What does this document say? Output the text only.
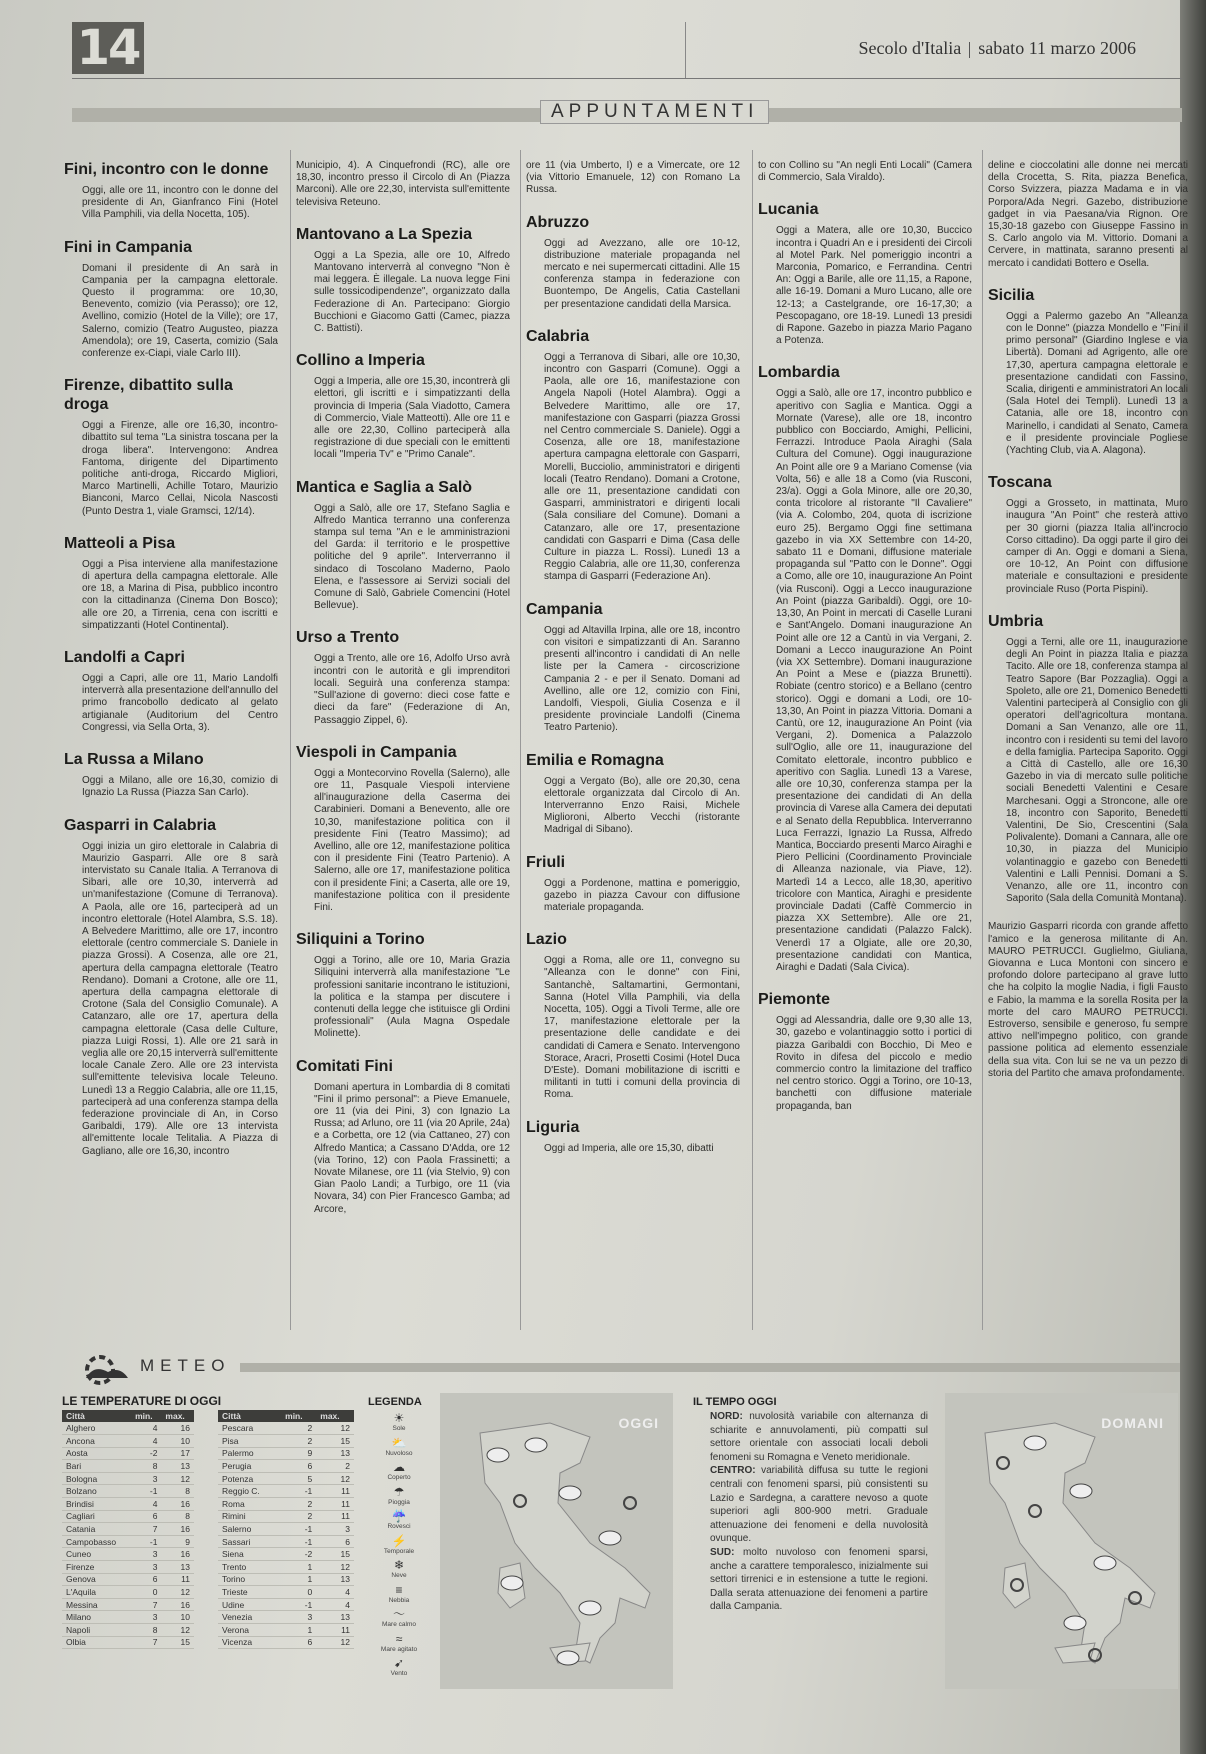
14	Secolo d'Italia sabato 11 marzo 2006
APPUNTAMENTI
Fini, incontro con le donne

Oggi, alle ore 11, incontro con le donne del presidente di An, Gianfranco Fini (Hotel Villa Pamphili, via della Nocetta, 105).

Fini in Campania

Domani il presidente di An sarà in Campania per la campagna elettorale. Questo il programma: ore 10,30, Benevento, comizio (via Perasso); ore 12, Avellino, comizio (Hotel de la Ville); ore 17, Salerno, comizio (Teatro Augusteo, piazza Amendola); ore 19, Caserta, comizio (Sala conferenze ex-Ciapi, viale Carlo III).

Firenze, dibattito sulla droga

Oggi a Firenze, alle ore 16,30, incontro-dibattito sul tema "La sinistra toscana per la droga libera". Intervengono: Andrea Fantoma, dirigente del Dipartimento politiche anti-droga, Riccardo Migliori, Marco Martinelli, Achille Totaro, Maurizio Bianconi, Marco Cellai, Nicola Nascosti (Punto Destra 1, viale Gramsci, 12/14).

Matteoli a Pisa

Oggi a Pisa interviene alla manifestazione di apertura della campagna elettorale. Alle ore 18, a Marina di Pisa, pubblico incontro con la cittadinanza (Cinema Don Bosco); alle ore 20, a Tirrenia, cena con iscritti e simpatizzanti (Hotel Continental).

Landolfi a Capri

Oggi a Capri, alle ore 11, Mario Landolfi interverrà alla presentazione dell'annullo del primo francobollo dedicato al gelato artigianale (Auditorium del Centro Congressi, via Sella Orta, 3).

La Russa a Milano

Oggi a Milano, alle ore 16,30, comizio di Ignazio La Russa (Piazza San Carlo).

Gasparri in Calabria

Oggi inizia un giro elettorale in Calabria di Maurizio Gasparri. Alle ore 8 sarà intervistato su Canale Italia. A Terranova di Sibari, alle ore 10,30, interverrà ad un'manifestazione (Comune di Terranova). A Paola, alle ore 16, parteciperà ad un incontro elettorale (Hotel Alambra, S.S. 18). A Belvedere Marittimo, alle ore 17, incontro elettorale (centro commerciale S. Daniele in piazza Grossi). A Cosenza, alle ore 21, apertura della campagna elettorale (Teatro Rendano). Domani a Crotone, alle ore 11, apertura della campagna elettorale di Crotone (Sala del Consiglio Comunale). A Catanzaro, alle ore 17, apertura della campagna elettorale (Casa delle Culture, piazza Luigi Rossi, 1). Alle ore 21 sarà in veglia alle ore 20,15 interverrà sull'emittente locale Canale Zero. Alle ore 23 intervista sull'emittente televisiva locale Teleuno. Lunedì 13 a Reggio Calabria, alle ore 11,15, parteciperà ad una conferenza stampa della federazione provinciale di An, in Corso Garibaldi, 179). Alle ore 13 intervista all'emittente locale Telitalia. A Piazza di Gagliano, alle ore 16,30, incontro

Municipio, 4). A Cinquefrondi (RC), alle ore 18,30, incontro presso il Circolo di An (Piazza Marconi). Alle ore 22,30, intervista sull'emittente televisiva Reteuno.

Mantovano a La Spezia

Oggi a La Spezia, alle ore 10, Alfredo Mantovano interverrà al convegno "Non è mai leggera. È illegale. La nuova legge Fini sulle tossicodipendenze", organizzato dalla Federazione di An. Partecipano: Giorgio Bucchioni e Giacomo Gatti (Camec, piazza C. Battisti).

Collino a Imperia

Oggi a Imperia, alle ore 15,30, incontrerà gli elettori, gli iscritti e i simpatizzanti della provincia di Imperia (Sala Viadotto, Camera di Commercio, Viale Matteotti). Alle ore 11 e alle ore 22,30, Collino parteciperà alla registrazione di due speciali con le emittenti locali "Imperia Tv" e "Primo Canale".

Mantica e Saglia a Salò

Oggi a Salò, alle ore 17, Stefano Saglia e Alfredo Mantica terranno una conferenza stampa sul tema "An e le amministrazioni del Garda: il territorio e le prospettive politiche del 9 aprile". Interverranno il sindaco di Toscolano Maderno, Paolo Elena, e l'assessore ai Servizi sociali del Comune di Salò, Gabriele Comencini (Hotel Bellevue).

Urso a Trento

Oggi a Trento, alle ore 16, Adolfo Urso avrà incontri con le autorità e gli imprenditori locali. Seguirà una conferenza stampa: "Sull'azione di governo: dieci cose fatte e dieci da fare" (Federazione di An, Passaggio Zippel, 6).

Viespoli in Campania

Oggi a Montecorvino Rovella (Salerno), alle ore 11, Pasquale Viespoli interviene all'inaugurazione della Caserma dei Carabinieri. Domani a Benevento, alle ore 10,30, manifestazione politica con il presidente Fini (Teatro Massimo); ad Avellino, alle ore 12, manifestazione politica con il presidente Fini (Teatro Partenio). A Salerno, alle ore 17, manifestazione politica con il presidente Fini; a Caserta, alle ore 19, manifestazione politica con il presidente Fini.

Siliquini a Torino

Oggi a Torino, alle ore 10, Maria Grazia Siliquini interverrà alla manifestazione "Le professioni sanitarie incontrano le istituzioni, la politica e la stampa per discutere i contenuti della legge che istituisce gli Ordini professionali" (Aula Magna Ospedale Molinette).

Comitati Fini

Domani apertura in Lombardia di 8 comitati "Fini il primo personal": a Pieve Emanuele, ore 11 (via dei Pini, 3) con Ignazio La Russa; ad Arluno, ore 11 (via 20 Aprile, 24a) e a Corbetta, ore 12 (via Cattaneo, 27) con Alfredo Mantica; a Cassano D'Adda, ore 12 (via Torino, 12) con Paola Frassinetti; a Novate Milanese, ore 11 (via Stelvio, 9) con Gian Paolo Landi; a Turbigo, ore 11 (via Novara, 34) con Pier Francesco Gamba; ad Arcore,

ore 11 (via Umberto, I) e a Vimercate, ore 12 (via Vittorio Emanuele, 12) con Romano La Russa.

Abruzzo

Oggi ad Avezzano, alle ore 10-12, distribuzione materiale propaganda nel mercato e nei supermercati cittadini. Alle 15 conferenza stampa in federazione con Buontempo, De Angelis, Catia Castellani per presentazione candidati della Marsica.

Calabria

Oggi a Terranova di Sibari, alle ore 10,30, incontro con Gasparri (Comune). Oggi a Paola, alle ore 16, manifestazione con Angela Napoli (Hotel Alambra). Oggi a Belvedere Marittimo, alle ore 17, manifestazione con Gasparri (piazza Grossi nel Centro commerciale S. Daniele). Oggi a Cosenza, alle ore 18, manifestazione apertura campagna elettorale con Gasparri, Morelli, Bucciolio, amministratori e dirigenti locali (Teatro Rendano). Domani a Crotone, alle ore 11, presentazione candidati con Gasparri, amministratori e dirigenti locali (Sala consiliare del Comune). Domani a Catanzaro, alle ore 17, presentazione candidati con Gasparri e Dima (Casa delle Culture in piazza L. Rossi). Lunedì 13 a Reggio Calabria, alle ore 11,30, conferenza stampa di Gasparri (Federazione An).

Campania

Oggi ad Altavilla Irpina, alle ore 18, incontro con visitori e simpatizzanti di An. Saranno presenti all'incontro i candidati di An nelle liste per la Camera - circoscrizione Campania 2 - e per il Senato. Domani ad Avellino, alle ore 12, comizio con Fini, Landolfi, Viespoli, Giulia Cosenza e il presidente provinciale Landolfi (Cinema Teatro Partenio).

Emilia e Romagna

Oggi a Vergato (Bo), alle ore 20,30, cena elettorale organizzata dal Circolo di An. Interverranno Enzo Raisi, Michele Miglioroni, Alberto Vecchi (ristorante Madrigal di Sibano).

Friuli

Oggi a Pordenone, mattina e pomeriggio, gazebo in piazza Cavour con diffusione materiale propaganda.

Lazio

Oggi a Roma, alle ore 11, convegno su "Alleanza con le donne" con Fini, Santanchè, Saltamartini, Germontani, Sanna (Hotel Villa Pamphili, via della Nocetta, 105). Oggi a Tivoli Terme, alle ore 17, manifestazione elettorale per la presentazione delle candidate e dei candidati di Camera e Senato. Intervengono Storace, Aracri, Prosetti Cosimi (Hotel Duca D'Este). Domani mobilitazione di iscritti e militanti in tutti i comuni della provincia di Roma.

Liguria

Oggi ad Imperia, alle ore 15,30, dibatti

to con Collino su "An negli Enti Locali" (Camera di Commercio, Sala Viraldo).

Lucania

Oggi a Matera, alle ore 10,30, Buccico incontra i Quadri An e i presidenti dei Circoli al Motel Park. Nel pomeriggio incontri a Marconia, Pomarico, e Ferrandina. Centri An: Oggi a Barile, alle ore 11,15, a Rapone, alle 16-19. Domani a Muro Lucano, alle ore 12-13; a Castelgrande, ore 16-17,30; a Pescopagano, ore 18-19. Lunedì 13 presidi di Rapone. Gazebo in piazza Mario Pagano a Potenza.

Lombardia

Oggi a Salò, alle ore 17, incontro pubblico e aperitivo con Saglia e Mantica. Oggi a Mornate (Varese), alle ore 18, incontro pubblico con Bocciardo, Amighi, Pellicini, Ferrazzi. Introduce Paola Airaghi (Sala Cultura del Comune). Oggi inaugurazione An Point alle ore 9 a Mariano Comense (via Volta, 56) e alle 18 a Como (via Rusconi, 23/a). Oggi a Gola Minore, alle ore 20,30, conta tricolore al ristorante "Il Cavaliere" (via A. Colombo, 204, quota di iscrizione euro 25). Bergamo Oggi fine settimana gazebo in via XX Settembre con 14-20, sabato 11 e Domani, diffusione materiale propaganda sul "Patto con le Donne". Oggi a Como, alle ore 10, inaugurazione An Point (via Rusconi). Oggi a Lecco inaugurazione An Point (piazza Garibaldi). Oggi, ore 10-13,30, An Point in mercati di Caselle Lurani e Sant'Angelo. Domani inaugurazione An Point alle ore 12 a Cantù in via Vergani, 2. Domani a Lecco inaugurazione An Point (via XX Settembre). Domani inaugurazione An Point a Mese e (piazza Brunetti). Robiate (centro storico) e a Bellano (centro storico). Oggi e domani a Lodi, ore 10-13,30, An Point in piazza Vittoria. Domani a Cantù, ore 12, inaugurazione An Point (via Vergani, 2). Domenica a Palazzolo sull'Oglio, alle ore 11, inaugurazione del Comitato elettorale, incontro pubblico e aperitivo con Saglia. Lunedì 13 a Varese, alle ore 10,30, conferenza stampa per la presentazione dei candidati di An della provincia di Varese alla Camera dei deputati e al Senato della Repubblica. Interverranno Luca Ferrazzi, Ignazio La Russa, Alfredo Mantica, Bocciardo presenti Marco Airaghi e Piero Pellicini (Coordinamento Provinciale di Alleanza nazionale, via Piave, 12). Martedì 14 a Lecco, alle 18,30, aperitivo tricolore con Mantica, Airaghi e presidente provinciale Dadati (Caffè Commercio in piazza XX Settembre). Alle ore 21, presentazione candidati (Palazzo Falck). Venerdì 17 a Olgiate, alle ore 20,30, presentazione candidati con Mantica, Airaghi e Dadati (Sala Civica).

Piemonte

Oggi ad Alessandria, dalle ore 9,30 alle 13, 30, gazebo e volantinaggio sotto i portici di piazza Garibaldi con Bocchio, Di Meo e Rovito in difesa del piccolo e medio commercio contro la limitazione del traffico nel centro storico. Oggi a Torino, ore 10-13, banchetti con diffusione materiale propaganda, ban

deline e cioccolatini alle donne nei mercati della Crocetta, S. Rita, piazza Benefica, Corso Svizzera, piazza Madama e in via Porpora/Ada Negri. Gazebo, distribuzione gadget in via Paesana/via Rignon. Ore 15,30-18 gazebo con Giuseppe Fassino in S. Carlo angolo via M. Vittorio. Domani a Cervere, in mattinata, saranno presenti al mercato i candidati Bottero e Osella.

Sicilia

Oggi a Palermo gazebo An "Alleanza con le Donne" (piazza Mondello e "Fini il primo personal" (Giardino Inglese e via Libertà). Domani ad Agrigento, alle ore 17,30, apertura campagna elettorale e presentazione candidati con Fassino, Scalia, dirigenti e amministratori An locali (Sala Hotel dei Templi). Lunedì 13 a Catania, alle ore 18, incontro con Marinello, i candidati al Senato, Camera e il presidente provinciale Pogliese (Yachting Club, via A. Alagona).

Toscana

Oggi a Grosseto, in mattinata, Muro inaugura "An Point" che resterà attivo per 30 giorni (piazza Italia all'incrocio Corso cittadino). Da oggi parte il giro dei camper di An. Oggi e domani a Siena, ore 10-12, An Point con diffusione materiale e consultazioni e presidente provinciale Ruso (Porta Pispini).

Umbria

Oggi a Terni, alle ore 11, inaugurazione degli An Point in piazza Italia e piazza Tacito. Alle ore 18, conferenza stampa al Teatro Sapore (Bar Pozzaglia). Oggi a Spoleto, alle ore 21, Domenico Benedetti Valentini parteciperà al Consiglio con gli operatori dell'agricoltura montana. Domani a San Venanzo, alle ore 11, incontro con i residenti su temi del lavoro e della famiglia. Partecipa Saporito. Oggi a Città di Castello, alle ore 16,30 Gazebo in via di mercato sulle politiche sociali Benedetti Valentini e Cesare Marchesani. Oggi a Stroncone, alle ore 18, incontro con Saporito, Benedetti Valentini, De Sio, Crescentini (Sala Polivalente). Domani a Cannara, alle ore 10,30, in piazza del Municipio volantinaggio e gazebo con Benedetti Valentini e Lalli Pennisi. Domani a S. Venanzo, alle ore 11, incontro con Saporito (Sala della Comunità Montana).

Maurizio Gasparri ricorda con grande affetto l'amico e la generosa militante di An. MAURO PETRUCCI. Guglielmo, Giuliana, Giovanna e Luca Montoni con sincero e profondo dolore partecipano al grave lutto che ha colpito la moglie Nadia, i figli Fausto e Fabio, la mamma e la sorella Rosita per la morte del caro MAURO PETRUCCI. Estroverso, sensibile e generoso, fu sempre attivo nell'impegno politico, con grande passione politica ad elemento essenziale della sua vita. Con lui se ne va un pezzo di storia del Partito che amava profondamente.

METEO
LE TEMPERATURE DI OGGI
Città	min.	max.
Alghero	4	16
Ancona	4	10
Aosta	-2	17
Bari	8	13
Bologna	3	12
Bolzano	-1	8
Brindisi	4	16
Cagliari	6	8
Catania	7	16
Campobasso	-1	9
Cuneo	3	16
Firenze	3	13
Genova	6	11
L'Aquila	0	12
Messina	7	16
Milano	3	10
Napoli	8	12
Olbia	7	15
Città	min.	max.
Pescara	2	12
Pisa	2	15
Palermo	9	13
Perugia	6	2
Potenza	5	12
Reggio C.	-1	11
Roma	2	11
Rimini	2	11
Salerno	-1	3
Sassari	-1	6
Siena	-2	15
Trento	1	12
Torino	1	13
Trieste	0	4
Udine	-1	4
Venezia	3	13
Verona	1	11
Vicenza	6	12
LEGENDA
☀
Sole
⛅
Nuvoloso
☁
Coperto
☂
Pioggia
☔
Rovesci
⚡
Temporale
❄
Neve
≡
Nebbia
～
Mare calmo
≈
Mare agitato
➹
Vento
OGGI
IL TEMPO OGGI
NORD: nuvolosità variabile con alternanza di schiarite e annuvolamenti, più compatti sul settore orientale con associati locali deboli fenomeni su Romagna e Veneto meridionale.
CENTRO: variabilità diffusa su tutte le regioni centrali con fenomeni sparsi, più consistenti su Lazio e Sardegna, a carattere nevoso a quote superiori agli 800-900 metri. Graduale attenuazione dei fenomeni e della nuvolosità ovunque.
SUD: molto nuvoloso con fenomeni sparsi, anche a carattere temporalesco, inizialmente sui settori tirrenici e in estensione a tutte le regioni. Dalla serata attenuazione dei fenomeni a partire dalla Campania.
DOMANI
